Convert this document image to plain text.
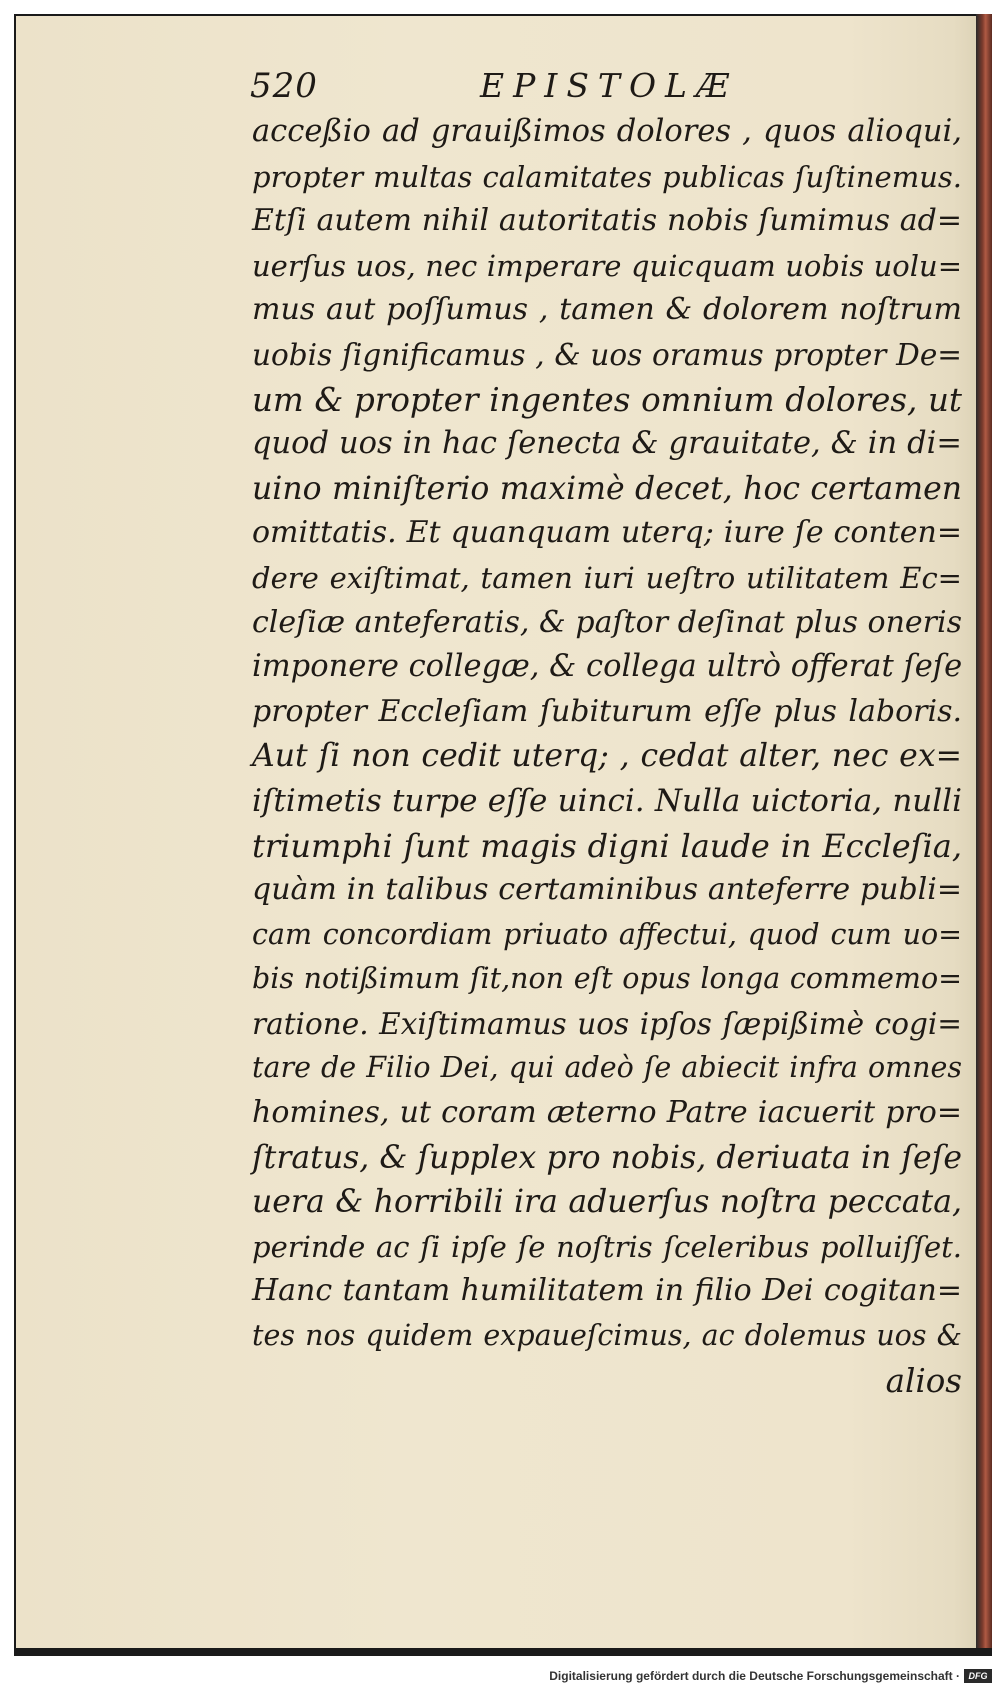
520	EPISTOLÆ
acceßio ad grauißimos dolores , quos alioqui,
propter multas calamitates publicas ſuſtinemus.
Etſi autem nihil autoritatis nobis ſumimus ad=
uerſus uos, nec imperare quicquam uobis uolu=
mus aut poſſumus , tamen & dolorem noſtrum
uobis ſignificamus , & uos oramus propter De=
um & propter ingentes omnium dolores, ut
quod uos in hac ſenecta & grauitate, & in di=
uino miniſterio maximè decet, hoc certamen
omittatis. Et quanquam uterq; iure ſe conten=
dere exiſtimat, tamen iuri ueſtro utilitatem Ec=
cleſiæ anteferatis, & paſtor deſinat plus oneris
imponere collegæ, & collega ultrò offerat ſeſe
propter Eccleſiam ſubiturum eſſe plus laboris.
Aut ſi non cedit uterq; , cedat alter, nec ex=
iſtimetis turpe eſſe uinci. Nulla uictoria, nulli
triumphi ſunt magis digni laude in Eccleſia,
quàm in talibus certaminibus anteferre publi=
cam concordiam priuato affectui, quod cum uo=
bis notißimum ſit,non eſt opus longa commemo=
ratione. Exiſtimamus uos ipſos ſæpißimè cogi=
tare de Filio Dei, qui adeò ſe abiecit infra omnes
homines, ut coram æterno Patre iacuerit pro=
ſtratus, & ſupplex pro nobis, deriuata in ſeſe
uera & horribili ira aduerſus noſtra peccata,
perinde ac ſi ipſe ſe noſtris ſceleribus polluiſſet.
Hanc tantam humilitatem in filio Dei cogitan=
tes nos quidem expaueſcimus, ac dolemus uos &
alios
Digitalisierung gefördert durch die Deutsche Forschungsgemeinschaft · DFG
